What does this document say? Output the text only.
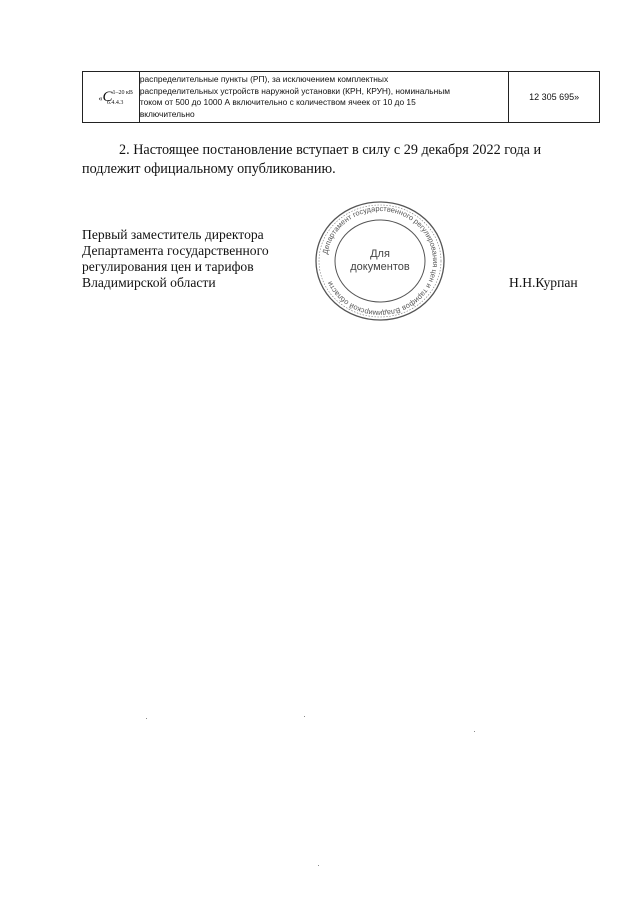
«$C^{1-20 кВ}_{6.4.4.3}$	
распределительные пункты (РП), за исключением комплектных
распределительных устройств наружной установки (КРН, КРУН), номинальным
током от 500 до 1000 А включительно с количеством ячеек от 10 до 15
включительно
	12 305 695»
2. Настоящее постановление вступает в силу с 29 декабря 2022 года и
подлежит официальному опубликованию.
Первый заместитель директора
Департамента государственного
регулирования цен и тарифов
Владимирской области
Департамент государственного регулирования цен и тарифов Владимирской области
Для
документов
Н.Н.Курпан
